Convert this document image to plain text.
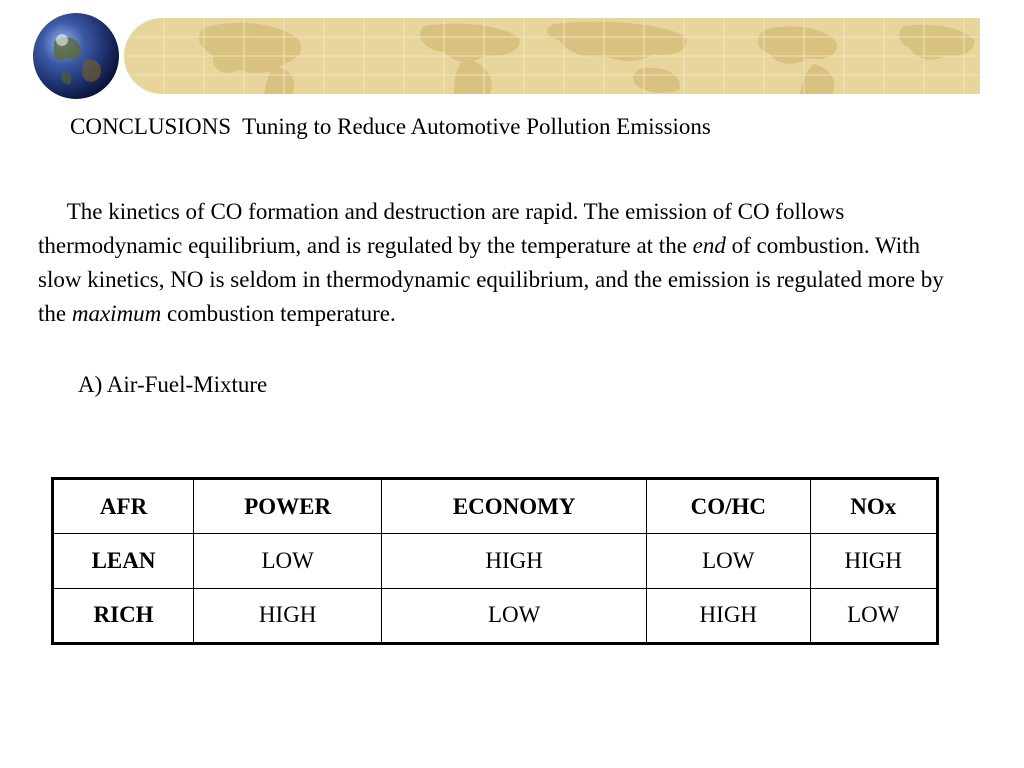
CONCLUSIONS  Tuning to Reduce Automotive Pollution Emissions
The kinetics of CO formation and destruction are rapid. The emission of CO follows thermodynamic equilibrium, and is regulated by the temperature at the end of combustion. With slow kinetics, NO is seldom in thermodynamic equilibrium, and the emission is regulated more by the maximum combustion temperature.
A) Air-Fuel-Mixture
AFR	POWER	ECONOMY	CO/HC	NOx
LEAN	LOW	HIGH	LOW	HIGH
RICH	HIGH	LOW	HIGH	LOW
